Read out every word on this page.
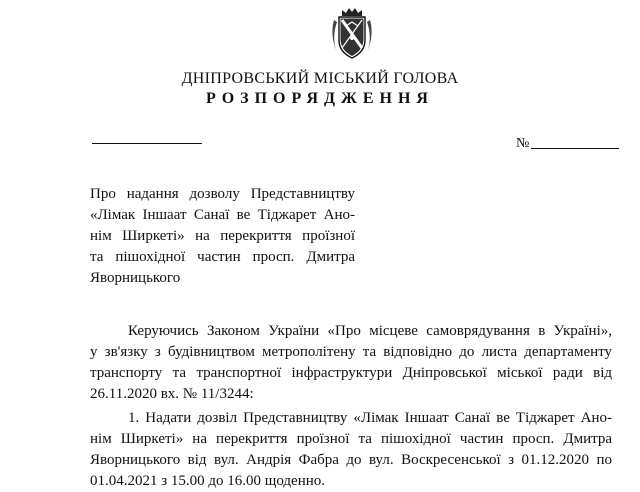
ДНІПРОВСЬКИЙ МІСЬКИЙ ГОЛОВА
РОЗПОРЯДЖЕННЯ
№
Про надання дозволу Представництву
«Лімак Іншаат Санаї ве Тіджарет Ано-
нім Ширкеті» на перекриття проїзної
та пішохідної частин просп. Дмитра
Яворницького
Керуючись Законом України «Про місцеве самоврядування в Україні»,
у зв'язку з будівництвом метрополітену та відповідно до листа департаменту
транспорту та транспортної інфраструктури Дніпровської міської ради від
26.11.2020 вх. № 11/3244:
1. Надати дозвіл Представництву «Лімак Іншаат Санаї ве Тіджарет Ано-
нім Ширкеті» на перекриття проїзної та пішохідної частин просп. Дмитра
Яворницького від вул. Андрія Фабра до вул. Воскресенської з 01.12.2020 по
01.04.2021 з 15.00 до 16.00 щоденно.
